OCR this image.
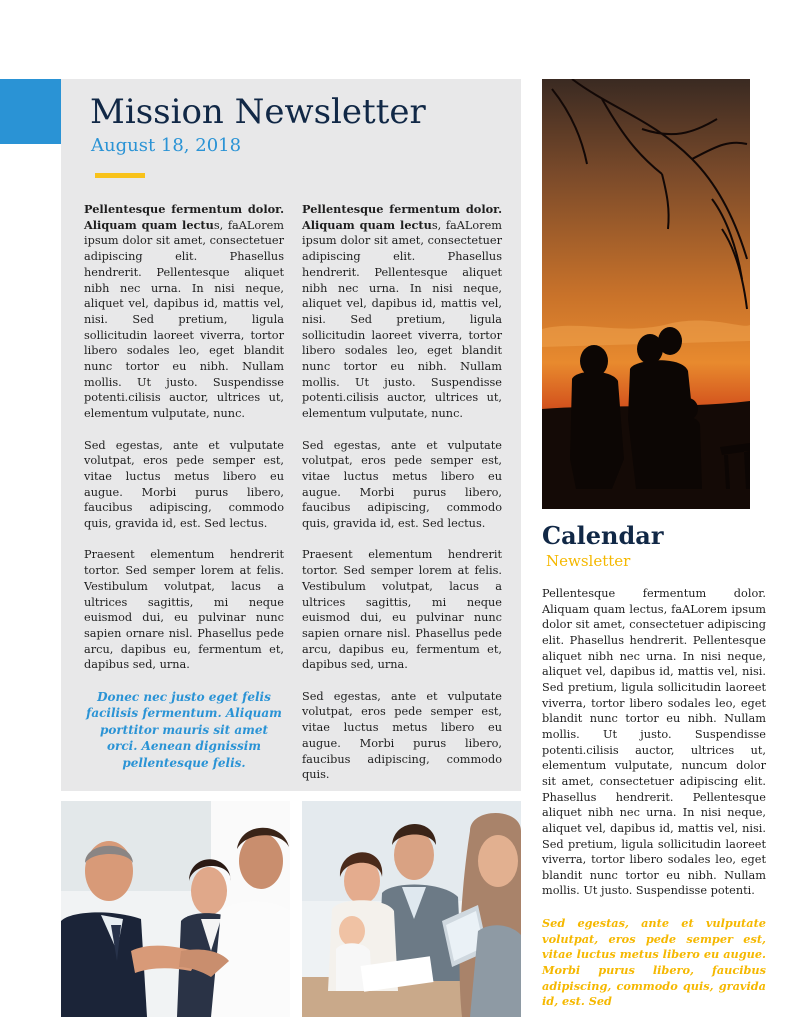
Mission Newsletter
August 18, 2018

Pellentesque fermentum dolor. Aliquam quam lectus, faALorem ipsum dolor sit amet, consectetuer adipiscing elit. Phasellus hendrerit. Pellentesque aliquet nibh nec urna. In nisi neque, aliquet vel, dapibus id, mattis vel, nisi. Sed pretium, ligula sollicitudin laoreet viverra, tortor libero sodales leo, eget blandit nunc tortor eu nibh. Nullam mollis. Ut justo. Suspendisse potenti.cilisis auctor, ultrices ut, elementum vulputate, nunc.

Sed egestas, ante et vulputate volutpat, eros pede semper est, vitae luctus metus libero eu augue. Morbi purus libero, faucibus adipiscing, commodo quis, gravida id, est. Sed lectus.

Praesent elementum hendrerit tortor. Sed semper lorem at felis. Vestibulum volutpat, lacus a ultrices sagittis, mi neque euismod dui, eu pulvinar nunc sapien ornare nisl. Phasellus pede arcu, dapibus eu, fermentum et, dapibus sed, urna.

Donec nec justo eget felis facilisis fermentum. Aliquam porttitor mauris sit amet orci. Aenean dignissim pellentesque felis.

Pellentesque fermentum dolor. Aliquam quam lectus, faALorem ipsum dolor sit amet, consectetuer adipiscing elit. Phasellus hendrerit. Pellentesque aliquet nibh nec urna. In nisi neque, aliquet vel, dapibus id, mattis vel, nisi. Sed pretium, ligula sollicitudin laoreet viverra, tortor libero sodales leo, eget blandit nunc tortor eu nibh. Nullam mollis. Ut justo. Suspendisse potenti.cilisis auctor, ultrices ut, elementum vulputate, nunc.

Sed egestas, ante et vulputate volutpat, eros pede semper est, vitae luctus metus libero eu augue. Morbi purus libero, faucibus adipiscing, commodo quis, gravida id, est. Sed lectus.

Praesent elementum hendrerit tortor. Sed semper lorem at felis. Vestibulum volutpat, lacus a ultrices sagittis, mi neque euismod dui, eu pulvinar nunc sapien ornare nisl. Phasellus pede arcu, dapibus eu, fermentum et, dapibus sed, urna.

Sed egestas, ante et vulputate volutpat, eros pede semper est, vitae luctus metus libero eu augue. Morbi purus libero, faucibus adipiscing, commodo quis.

Calendar
Newsletter

Pellentesque fermentum dolor. Aliquam quam lectus, faALorem ipsum dolor sit amet, consectetuer adipiscing elit. Phasellus hendrerit. Pellentesque aliquet nibh nec urna. In nisi neque, aliquet vel, dapibus id, mattis vel, nisi. Sed pretium, ligula sollicitudin laoreet viverra, tortor libero sodales leo, eget blandit nunc tortor eu nibh. Nullam mollis. Ut justo. Suspendisse potenti.cilisis auctor, ultrices ut, elementum vulputate, nuncum dolor sit amet, consectetuer adipiscing elit. Phasellus hendrerit. Pellentesque aliquet nibh nec urna. In nisi neque, aliquet vel, dapibus id, mattis vel, nisi. Sed pretium, ligula sollicitudin laoreet viverra, tortor libero sodales leo, eget blandit nunc tortor eu nibh. Nullam mollis. Ut justo. Suspendisse potenti.

Sed egestas, ante et vulputate volutpat, eros pede semper est, vitae luctus metus libero eu augue. Morbi purus libero, faucibus adipiscing, commodo quis, gravida id, est. Sed
